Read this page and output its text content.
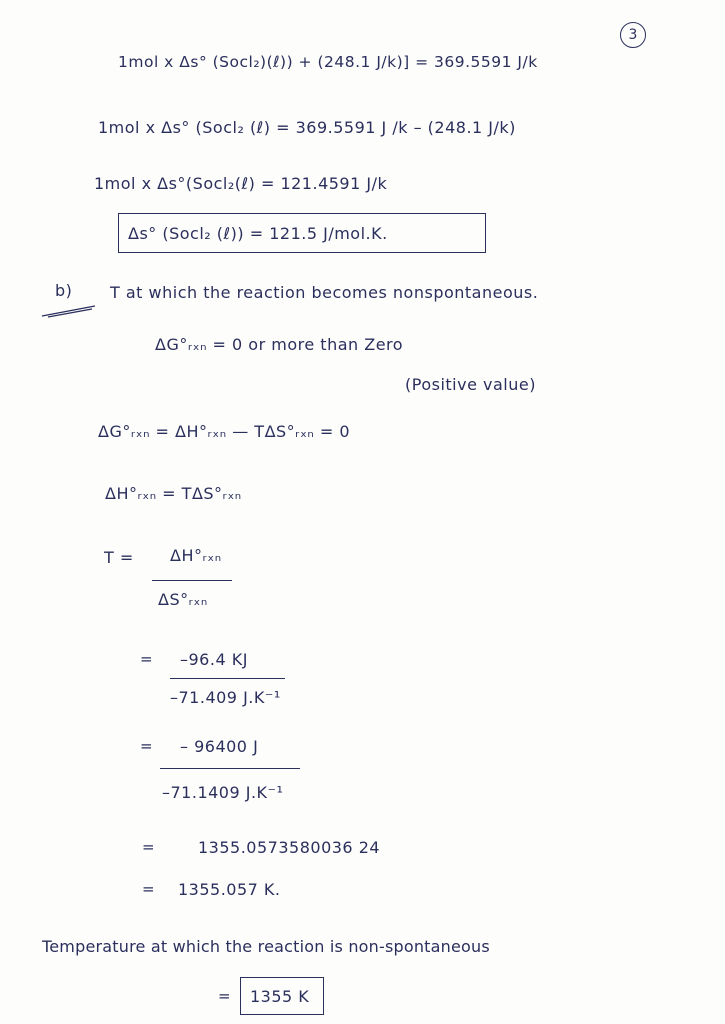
3
1mol x Δs° (Socl₂)(ℓ)) + (248.1 J/k)] = 369.5591 J/k
1mol x Δs° (Socl₂ (ℓ) = 369.5591 J /k – (248.1 J/k)
1mol x Δs°(Socl₂(ℓ) = 121.4591 J/k
Δs° (Socl₂ (ℓ)) = 121.5 J/mol.K.
b) T at which the reaction becomes nonspontaneous.
ΔG°ᵣₓₙ = 0 or more than Zero
(Positive value)
ΔG°ᵣₓₙ = ΔH°ᵣₓₙ — TΔS°ᵣₓₙ = 0
ΔH°ᵣₓₙ = TΔS°ᵣₓₙ
T = ΔH°ᵣₓₙ
ΔS°ᵣₓₙ
= –96.4 KJ
–71.409 J.K⁻¹
= – 96400 J
–71.1409 J.K⁻¹
=	1355.0573580036 24
= 1355.057 K.
Temperature at which the reaction is non-spontaneous
= 1355 K
